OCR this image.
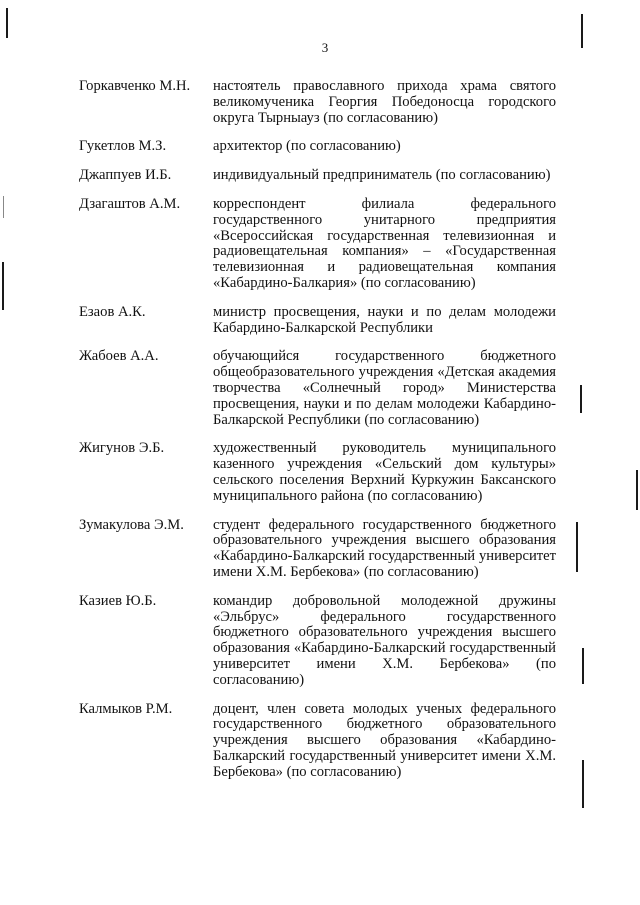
3
Горкавченко М.Н.	настоятель православного прихода храма святого великомученика Георгия Победоносца городского округа Тырныауз (по согласованию)
Гукетлов М.З.	архитектор (по согласованию)
Джаппуев И.Б.	индивидуальный предприниматель (по согласованию)
Дзагаштов А.М.	корреспондент филиала федерального государственного унитарного предприятия «Всероссийская государственная телевизионная и радиовещательная компания» – «Государственная телевизионная и радиовещательная компания «Кабардино-Балкария» (по согласованию)
Езаов А.К.	министр просвещения, науки и по делам молодежи Кабардино-Балкарской Республики
Жабоев А.А.	обучающийся государственного бюджетного общеобразовательного учреждения «Детская академия творчества «Солнечный город» Министерства просвещения, науки и по делам молодежи Кабардино-Балкарской Республики (по согласованию)
Жигунов Э.Б.	художественный руководитель муниципального казенного учреждения «Сельский дом культуры» сельского поселения Верхний Куркужин Баксанского муниципального района (по согласованию)
Зумакулова Э.М.	студент федерального государственного бюджетного образовательного учреждения высшего образования «Кабардино-Балкарский государственный университет имени Х.М. Бербекова» (по согласованию)
Казиев Ю.Б.	командир добровольной молодежной дружины «Эльбрус» федерального государственного бюджетного образовательного учреждения высшего образования «Кабардино-Балкарский государственный университет имени Х.М. Бербекова» (по согласованию)
Калмыков Р.М.	доцент, член совета молодых ученых федерального государственного бюджетного образовательного учреждения высшего образования «Кабардино-Балкарский государственный университет имени Х.М. Бербекова» (по согласованию)
